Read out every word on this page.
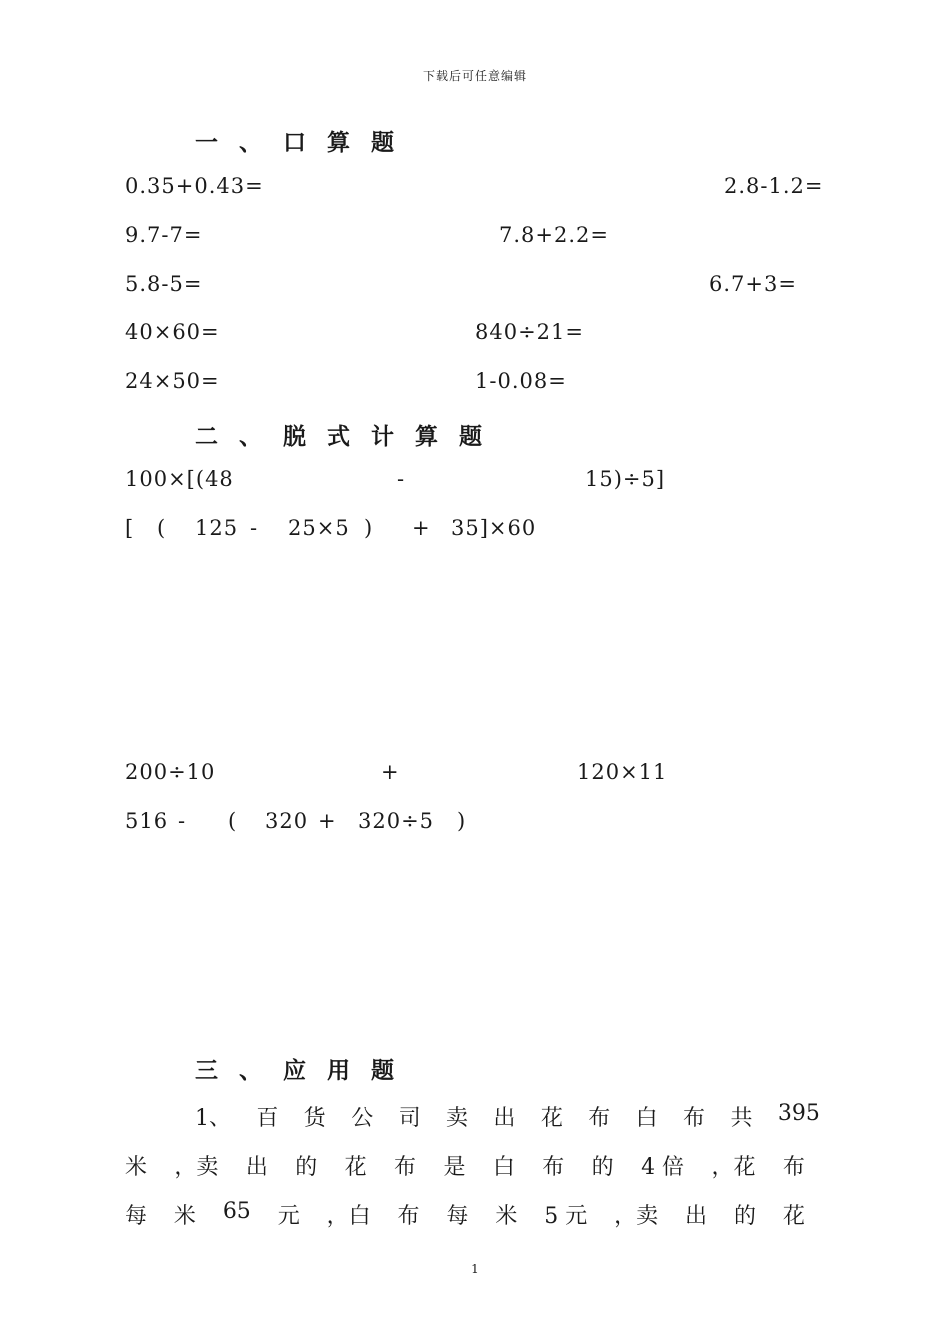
下载后可任意编辑
一、口算题
0.35+0.43=	2.8-1.2=
9.7-7=	7.8+2.2=
5.8-5=	6.7+3=
40×60=	840÷21=
24×50=	1-0.08=
二、脱式计算题
100×[(48	-	15)÷5]
[ ( 125 - 25×5 ) + 35]×60
200÷10	+	120×11
516 - ( 320 + 320÷5 )
三、应用题
1、 百 货 公 司 卖 出 花 布 白 布 共 395
米 ，卖 出 的 花 布 是 白 布 的 4 倍 ，花 布
每 米 65 元 ，白 布 每 米 5 元 ，卖 出 的 花
1
